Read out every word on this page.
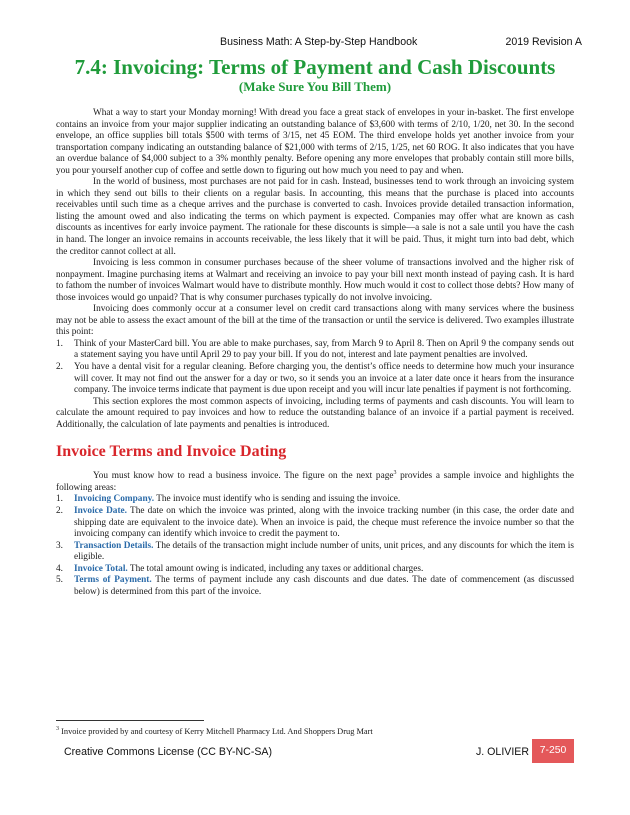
Business Math: A Step-by-Step Handbook	2019 Revision A
7.4: Invoicing: Terms of Payment and Cash Discounts
(Make Sure You Bill Them)

What a way to start your Monday morning! With dread you face a great stack of envelopes in your in-basket. The first envelope contains an invoice from your major supplier indicating an outstanding balance of $3,600 with terms of 2/10, 1/20, net 30. In the second envelope, an office supplies bill totals $500 with terms of 3/15, net 45 EOM. The third envelope holds yet another invoice from your transportation company indicating an outstanding balance of $21,000 with terms of 2/15, 1/25, net 60 ROG. It also indicates that you have an overdue balance of $4,000 subject to a 3% monthly penalty. Before opening any more envelopes that probably contain still more bills, you pour yourself another cup of coffee and settle down to figuring out how much you need to pay and when.

In the world of business, most purchases are not paid for in cash. Instead, businesses tend to work through an invoicing system in which they send out bills to their clients on a regular basis. In accounting, this means that the purchase is placed into accounts receivables until such time as a cheque arrives and the purchase is converted to cash. Invoices provide detailed transaction information, listing the amount owed and also indicating the terms on which payment is expected. Companies may offer what are known as cash discounts as incentives for early invoice payment. The rationale for these discounts is simple—a sale is not a sale until you have the cash in hand. The longer an invoice remains in accounts receivable, the less likely that it will be paid. Thus, it might turn into bad debt, which the creditor cannot collect at all.

Invoicing is less common in consumer purchases because of the sheer volume of transactions involved and the higher risk of nonpayment. Imagine purchasing items at Walmart and receiving an invoice to pay your bill next month instead of paying cash. It is hard to fathom the number of invoices Walmart would have to distribute monthly. How much would it cost to collect those debts? How many of those invoices would go unpaid? That is why consumer purchases typically do not involve invoicing.

Invoicing does commonly occur at a consumer level on credit card transactions along with many services where the business may not be able to assess the exact amount of the bill at the time of the transaction or until the service is delivered. Two examples illustrate this point:

1. Think of your MasterCard bill. You are able to make purchases, say, from March 9 to April 8. Then on April 9 the company sends out a statement saying you have until April 29 to pay your bill. If you do not, interest and late payment penalties are involved.
2. You have a dental visit for a regular cleaning. Before charging you, the dentist’s office needs to determine how much your insurance will cover. It may not find out the answer for a day or two, so it sends you an invoice at a later date once it hears from the insurance company. The invoice terms indicate that payment is due upon receipt and you will incur late penalties if payment is not forthcoming.

This section explores the most common aspects of invoicing, including terms of payments and cash discounts. You will learn to calculate the amount required to pay invoices and how to reduce the outstanding balance of an invoice if a partial payment is received. Additionally, the calculation of late payments and penalties is introduced.

Invoice Terms and Invoice Dating

You must know how to read a business invoice. The figure on the next page$^3$ provides a sample invoice and highlights the following areas:

1. Invoicing Company. The invoice must identify who is sending and issuing the invoice.
2. Invoice Date. The date on which the invoice was printed, along with the invoice tracking number (in this case, the order date and shipping date are equivalent to the invoice date). When an invoice is paid, the cheque must reference the invoice number so that the invoicing company can identify which invoice to credit the payment to.
3. Transaction Details. The details of the transaction might include number of units, unit prices, and any discounts for which the item is eligible.
4. Invoice Total. The total amount owing is indicated, including any taxes or additional charges.
5. Terms of Payment. The terms of payment include any cash discounts and due dates. The date of commencement (as discussed below) is determined from this part of the invoice.
$^3$ Invoice provided by and courtesy of Kerry Mitchell Pharmacy Ltd. And Shoppers Drug Mart
Creative Commons License (CC BY-NC-SA)	J. OLIVIER	7-250
